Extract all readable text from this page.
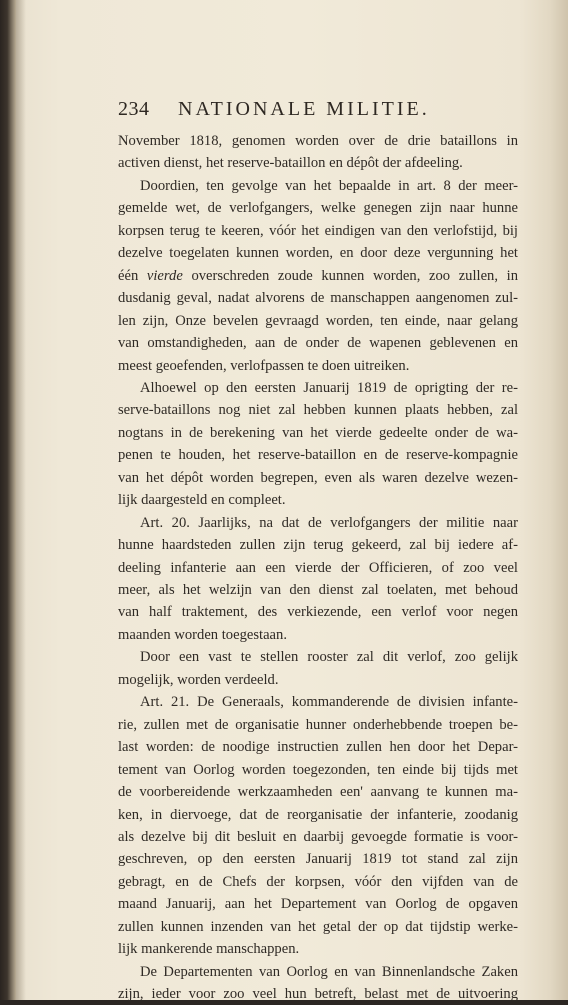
234 NATIONALE MILITIE.
November 1818, genomen worden over de drie bataillons in
activen dienst, het reserve-bataillon en dépôt der afdeeling.
Doordien, ten gevolge van het bepaalde in art. 8 der meer-
gemelde wet, de verlofgangers, welke genegen zijn naar hunne
korpsen terug te keeren, vóór het eindigen van den verlofstijd, bij
dezelve toegelaten kunnen worden, en door deze vergunning het
één vierde overschreden zoude kunnen worden, zoo zullen, in
dusdanig geval, nadat alvorens de manschappen aangenomen zul-
len zijn, Onze bevelen gevraagd worden, ten einde, naar gelang
van omstandigheden, aan de onder de wapenen geblevenen en
meest geoefenden, verlofpassen te doen uitreiken.
Alhoewel op den eersten Januarij 1819 de oprigting der re-
serve-bataillons nog niet zal hebben kunnen plaats hebben, zal
nogtans in de berekening van het vierde gedeelte onder de wa-
penen te houden, het reserve-bataillon en de reserve-kompagnie
van het dépôt worden begrepen, even als waren dezelve wezen-
lijk daargesteld en compleet.
Art. 20. Jaarlijks, na dat de verlofgangers der militie naar
hunne haardsteden zullen zijn terug gekeerd, zal bij iedere af-
deeling infanterie aan een vierde der Officieren, of zoo veel
meer, als het welzijn van den dienst zal toelaten, met behoud
van half traktement, des verkiezende, een verlof voor negen
maanden worden toegestaan.
Door een vast te stellen rooster zal dit verlof, zoo gelijk
mogelijk, worden verdeeld.
Art. 21. De Generaals, kommanderende de divisien infante-
rie, zullen met de organisatie hunner onderhebbende troepen be-
last worden: de noodige instructien zullen hen door het Depar-
tement van Oorlog worden toegezonden, ten einde bij tijds met
de voorbereidende werkzaamheden een' aanvang te kunnen ma-
ken, in diervoege, dat de reorganisatie der infanterie, zoodanig
als dezelve bij dit besluit en daarbij gevoegde formatie is voor-
geschreven, op den eersten Januarij 1819 tot stand zal zijn
gebragt, en de Chefs der korpsen, vóór den vijfden van de
maand Januarij, aan het Departement van Oorlog de opgaven
zullen kunnen inzenden van het getal der op dat tijdstip werke-
lijk mankerende manschappen.
De Departementen van Oorlog en van Binnenlandsche Zaken
zijn, ieder voor zoo veel hun betreft, belast met de uitvoering
